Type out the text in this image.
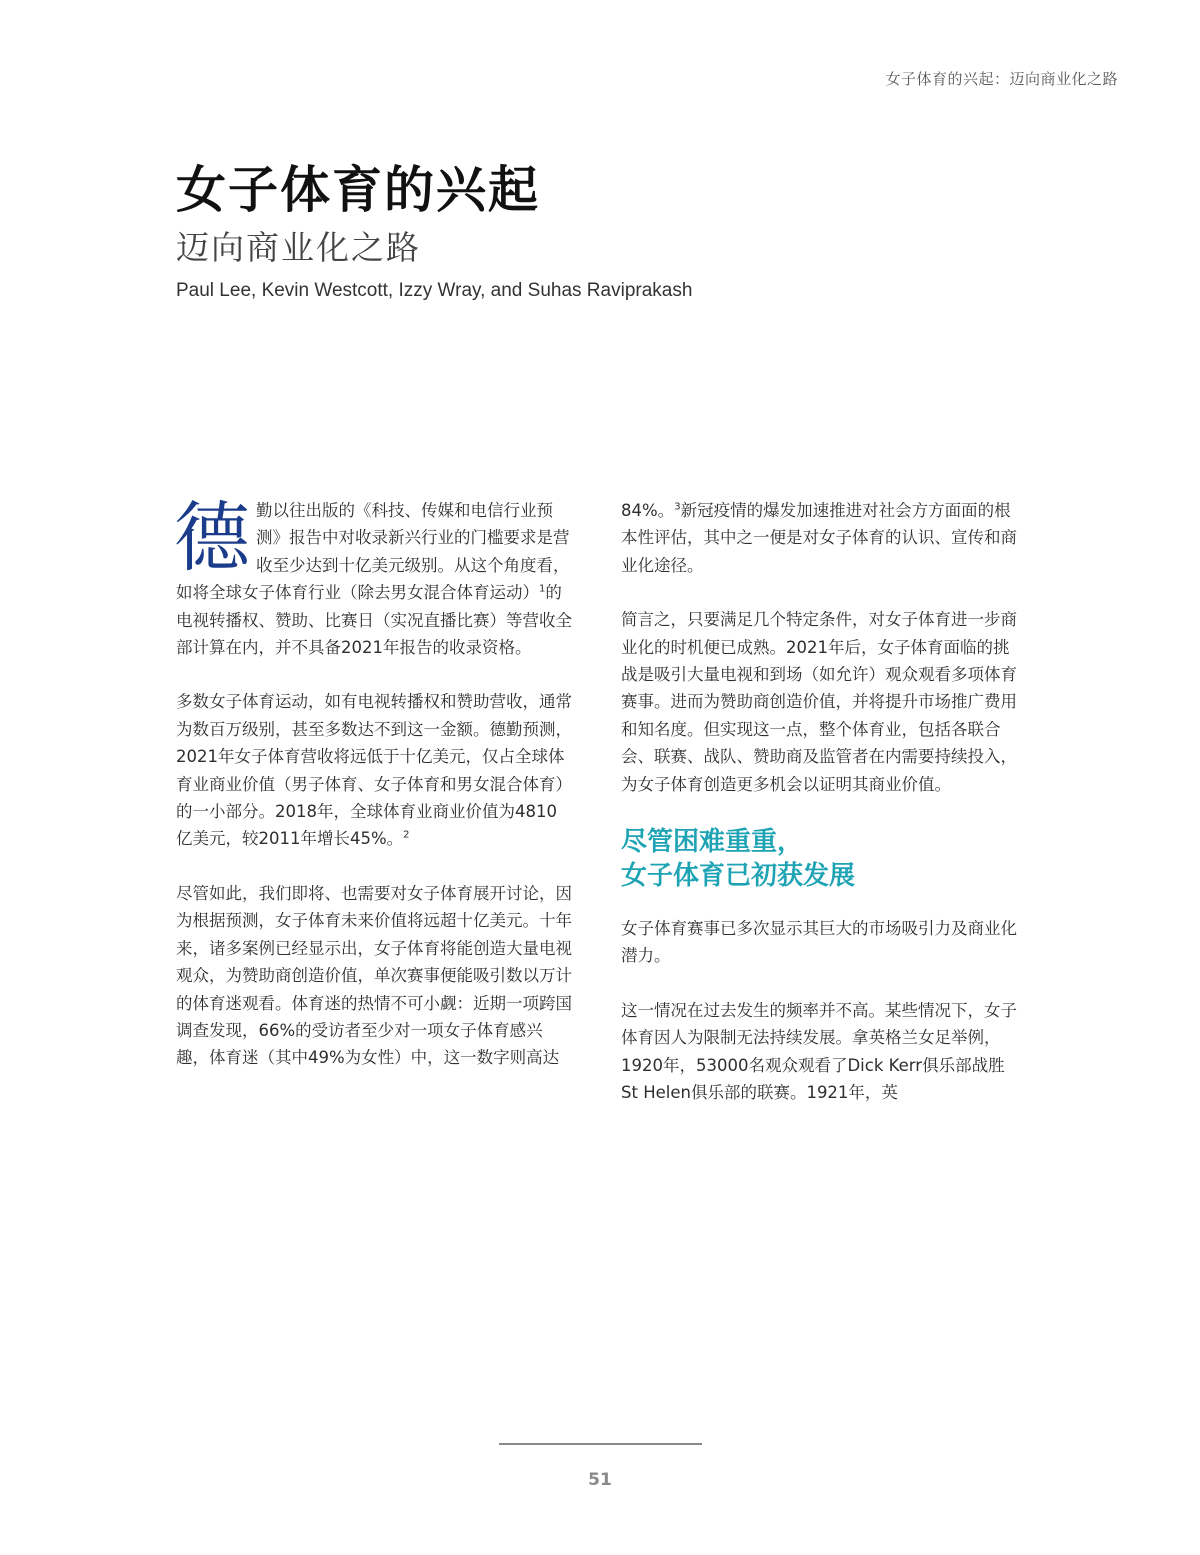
女子体育的兴起：迈向商业化之路
女子体育的兴起
迈向商业化之路
Paul Lee, Kevin Westcott, Izzy Wray, and Suhas Raviprakash

德勤以往出版的《科技、传媒和电信行业预测》报告中对收录新兴行业的门槛要求是营收至少达到十亿美元级别。从这个角度看，如将全球女子体育行业（除去男女混合体育运动）$^1$的电视转播权、赞助、比赛日（实况直播比赛）等营收全部计算在内，并不具备2021年报告的收录资格。

多数女子体育运动，如有电视转播权和赞助营收，通常为数百万级别，甚至多数达不到这一金额。德勤预测，2021年女子体育营收将远低于十亿美元，仅占全球体育业商业价值（男子体育、女子体育和男女混合体育）的一小部分。2018年，全球体育业商业价值为4810亿美元，较2011年增长45%。$^2$

尽管如此，我们即将、也需要对女子体育展开讨论，因为根据预测，女子体育未来价值将远超十亿美元。十年来，诸多案例已经显示出，女子体育将能创造大量电视观众，为赞助商创造价值，单次赛事便能吸引数以万计的体育迷观看。体育迷的热情不可小觑：近期一项跨国调查发现，66%的受访者至少对一项女子体育感兴趣，体育迷（其中49%为女性）中，这一数字则高达

84%。$^3$新冠疫情的爆发加速推进对社会方方面面的根本性评估，其中之一便是对女子体育的认识、宣传和商业化途径。

简言之，只要满足几个特定条件，对女子体育进一步商业化的时机便已成熟。2021年后，女子体育面临的挑战是吸引大量电视和到场（如允许）观众观看多项体育赛事。进而为赞助商创造价值，并将提升市场推广费用和知名度。但实现这一点，整个体育业，包括各联合会、联赛、战队、赞助商及监管者在内需要持续投入，为女子体育创造更多机会以证明其商业价值。

尽管困难重重，
女子体育已初获发展

女子体育赛事已多次显示其巨大的市场吸引力及商业化潜力。

这一情况在过去发生的频率并不高。某些情况下，女子体育因人为限制无法持续发展。拿英格兰女足举例，1920年，53000名观众观看了Dick Kerr俱乐部战胜St Helen俱乐部的联赛。1921年，英

51
